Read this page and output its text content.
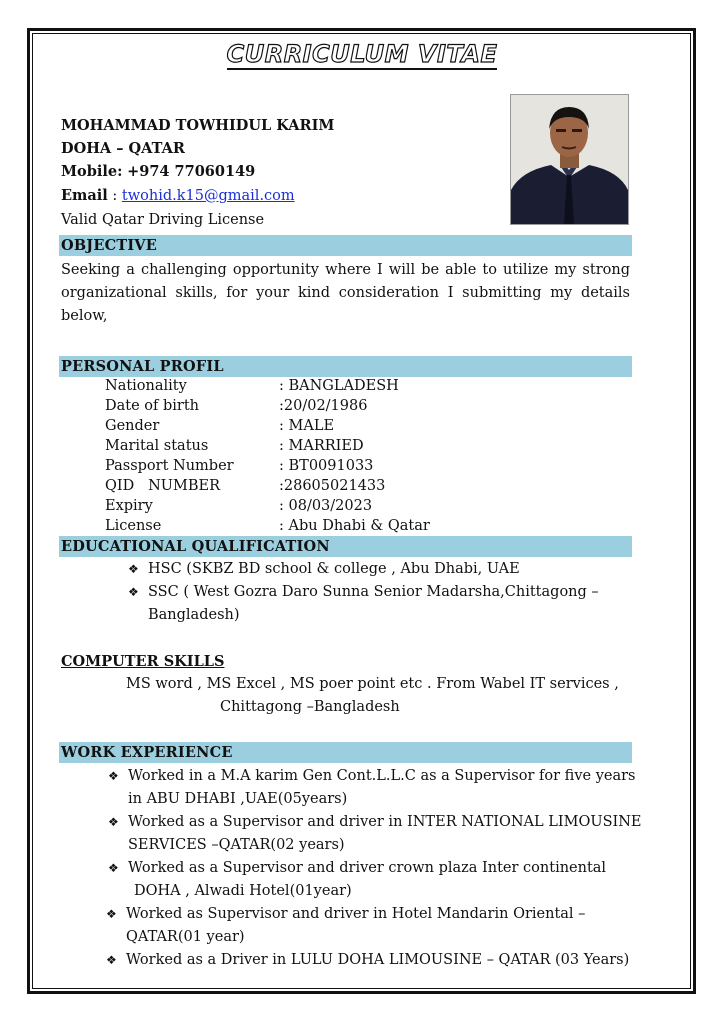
CURRICULUM VITAE
MOHAMMAD TOWHIDUL KARIM
DOHA – QATAR
Mobile: +974 77060149
Email : twohid.k15@gmail.com
Valid Qatar Driving License
OBJECTIVE
Seeking a challenging opportunity where I will be able to utilize my strong organizational skills, for your kind consideration I submitting my details below,
PERSONAL PROFIL
Nationality	: BANGLADESH
Date of birth	:20/02/1986
Gender	: MALE
Marital status	: MARRIED
Passport Number	: BT0091033
QID   NUMBER	:28605021433
Expiry	: 08/03/2023
License	: Abu Dhabi & Qatar
EDUCATIONAL QUALIFICATION
❖ HSC (SKBZ BD school & college , Abu Dhabi, UAE
❖ SSC ( West Gozra Daro Sunna Senior Madarsha,Chittagong –
Bangladesh)
COMPUTER SKILLS
MS word , MS Excel , MS poer point etc . From Wabel IT services ,
Chittagong –Bangladesh
WORK EXPERIENCE
❖ Worked in a M.A karim Gen Cont.L.L.C as a Supervisor for five years
in ABU DHABI ,UAE(05years)
❖ Worked as a Supervisor and driver in INTER NATIONAL LIMOUSINE
SERVICES –QATAR(02 years)
❖ Worked as a Supervisor and driver crown plaza Inter continental
DOHA , Alwadi Hotel(01year)
❖ Worked as Supervisor and driver in Hotel Mandarin Oriental –
QATAR(01 year)
❖ Worked as a Driver in LULU DOHA LIMOUSINE – QATAR (03 Years)
